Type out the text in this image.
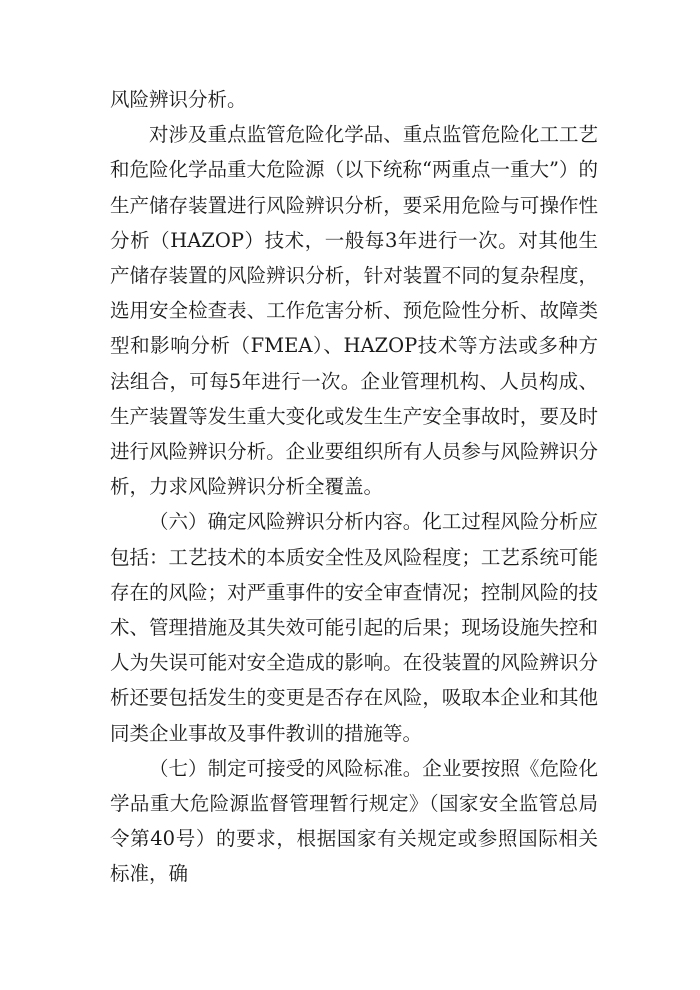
风险辨识分析。

对涉及重点监管危险化学品、重点监管危险化工工艺和危险化学品重大危险源（以下统称“两重点一重大”）的生产储存装置进行风险辨识分析，要采用危险与可操作性分析（HAZOP）技术，一般每3年进行一次。对其他生产储存装置的风险辨识分析，针对装置不同的复杂程度，选用安全检查表、工作危害分析、预危险性分析、故障类型和影响分析（FMEA）、HAZOP技术等方法或多种方法组合，可每5年进行一次。企业管理机构、人员构成、生产装置等发生重大变化或发生生产安全事故时，要及时进行风险辨识分析。企业要组织所有人员参与风险辨识分析，力求风险辨识分析全覆盖。

（六）确定风险辨识分析内容。化工过程风险分析应包括：工艺技术的本质安全性及风险程度；工艺系统可能存在的风险；对严重事件的安全审查情况；控制风险的技术、管理措施及其失效可能引起的后果；现场设施失控和人为失误可能对安全造成的影响。在役装置的风险辨识分析还要包括发生的变更是否存在风险，吸取本企业和其他同类企业事故及事件教训的措施等。

（七）制定可接受的风险标准。企业要按照《危险化学品重大危险源监督管理暂行规定》（国家安全监管总局令第40号）的要求，根据国家有关规定或参照国际相关标准，确
